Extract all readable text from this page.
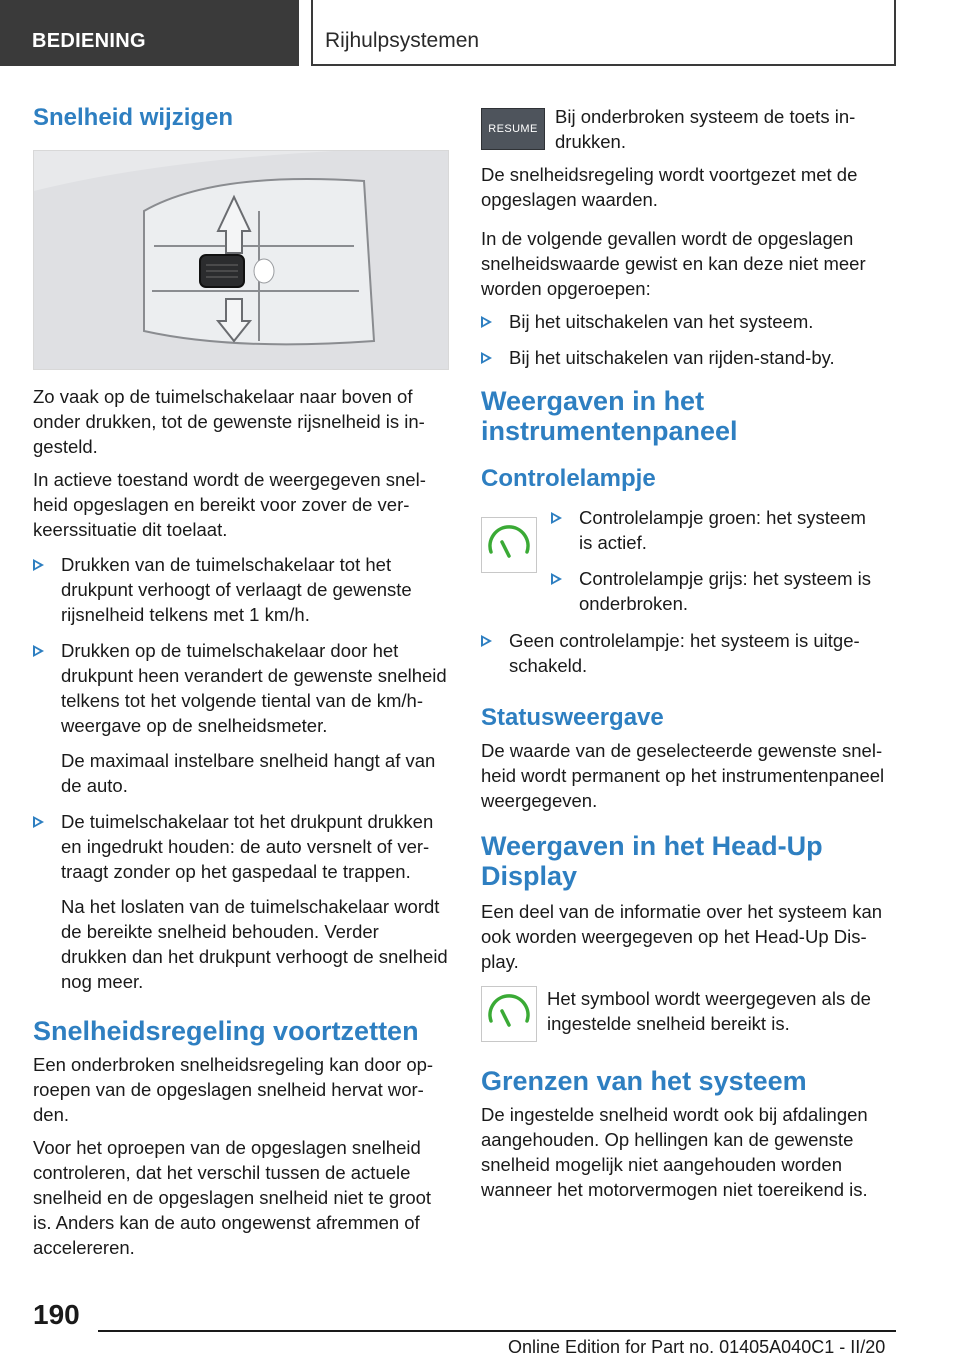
BEDIENING	Rijhulpsystemen
Snelheid wijzigen

Zo vaak op de tuimelschakelaar naar boven of onder drukken, tot de gewenste rijsnelheid is ingesteld.

In actieve toestand wordt de weergegeven snelheid opgeslagen en bereikt voor zover de verkeerssituatie dit toelaat.

Drukken van de tuimelschakelaar tot het drukpunt verhoogt of verlaagt de gewenste rijsnelheid telkens met 1 km/h.
Drukken op de tuimelschakelaar door het drukpunt heen verandert de gewenste snelheid telkens tot het volgende tiental van de km/h-weergave op de snelheidsmeter.
De maximaal instelbare snelheid hangt af van de auto.
De tuimelschakelaar tot het drukpunt drukken en ingedrukt houden: de auto versnelt of vertraagt zonder op het gaspedaal te trappen.
Na het loslaten van de tuimelschakelaar wordt de bereikte snelheid behouden. Verder drukken dan het drukpunt verhoogt de snelheid nog meer.
Snelheidsregeling voortzetten

Een onderbroken snelheidsregeling kan door oproepen van de opgeslagen snelheid hervat worden.

Voor het oproepen van de opgeslagen snelheid controleren, dat het verschil tussen de actuele snelheid en de opgeslagen snelheid niet te groot is. Anders kan de auto ongewenst afremmen of accelereren.

RESUME

Bij onderbroken systeem de toets indrukken.

De snelheidsregeling wordt voortgezet met de opgeslagen waarden.

In de volgende gevallen wordt de opgeslagen snelheidswaarde gewist en kan deze niet meer worden opgeroepen:

Bij het uitschakelen van het systeem.
Bij het uitschakelen van rijden-stand-by.
Weergaven in het instrumentenpaneel
Controlelampje
Controlelampje groen: het systeem is actief.
Controlelampje grijs: het systeem is onderbroken.
Geen controlelampje: het systeem is uitgeschakeld.
Statusweergave

De waarde van de geselecteerde gewenste snelheid wordt permanent op het instrumentenpaneel weergegeven.

Weergaven in het Head-Up Display

Een deel van de informatie over het systeem kan ook worden weergegeven op het Head-Up Display.

Het symbool wordt weergegeven als de ingestelde snelheid bereikt is.

Grenzen van het systeem

De ingestelde snelheid wordt ook bij afdalingen aangehouden. Op hellingen kan de gewenste snelheid mogelijk niet aangehouden worden wanneer het motorvermogen niet toereikend is.

190
Online Edition for Part no. 01405A040C1 - II/20
